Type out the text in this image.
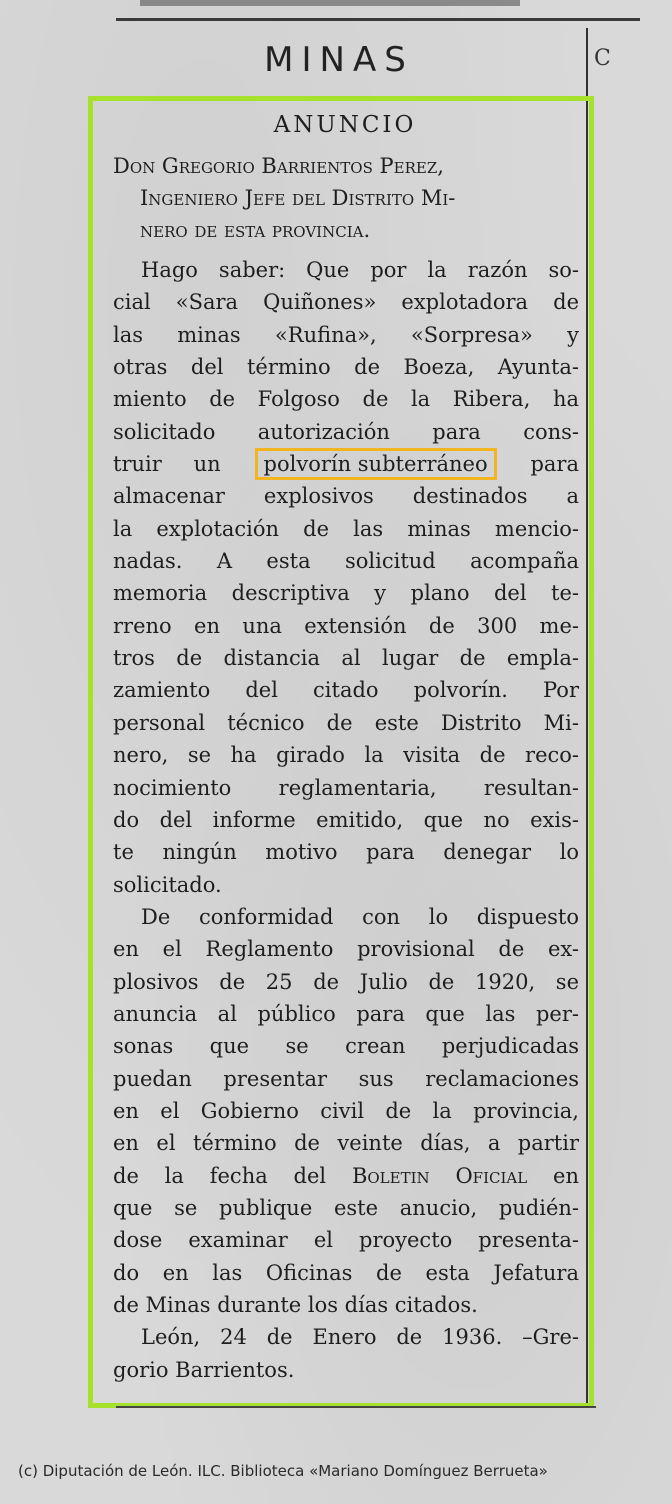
MINAS	C
ANUNCIO
Don Gregorio Barrientos Perez,
Ingeniero Jefe del Distrito Mi-
nero de esta provincia.
Hago saber: Que por la razón so-
cial «Sara Quiñones» explotadora de
las minas «Rufina», «Sorpresa» y
otras del término de Boeza, Ayunta-
miento de Folgoso de la Ribera, ha
solicitado autorización para cons-
truir un polvorín subterráneo para
almacenar explosivos destinados a
la explotación de las minas mencio-
nadas. A esta solicitud acompaña
memoria descriptiva y plano del te-
rreno en una extensión de 300 me-
tros de distancia al lugar de empla-
zamiento del citado polvorín. Por
personal técnico de este Distrito Mi-
nero, se ha girado la visita de reco-
nocimiento reglamentaria, resultan-
do del informe emitido, que no exis-
te ningún motivo para denegar lo
solicitado.
De conformidad con lo dispuesto
en el Reglamento provisional de ex-
plosivos de 25 de Julio de 1920, se
anuncia al público para que las per-
sonas que se crean perjudicadas
puedan presentar sus reclamaciones
en el Gobierno civil de la provincia,
en el término de veinte días, a partir
de la fecha del Boletin Oficial en
que se publique este anucio, pudién-
dose examinar el proyecto presenta-
do en las Oficinas de esta Jefatura
de Minas durante los días citados.
León, 24 de Enero de 1936. –Gre-
gorio Barrientos.
(c) Diputación de León. ILC. Biblioteca «Mariano Domínguez Berrueta»
